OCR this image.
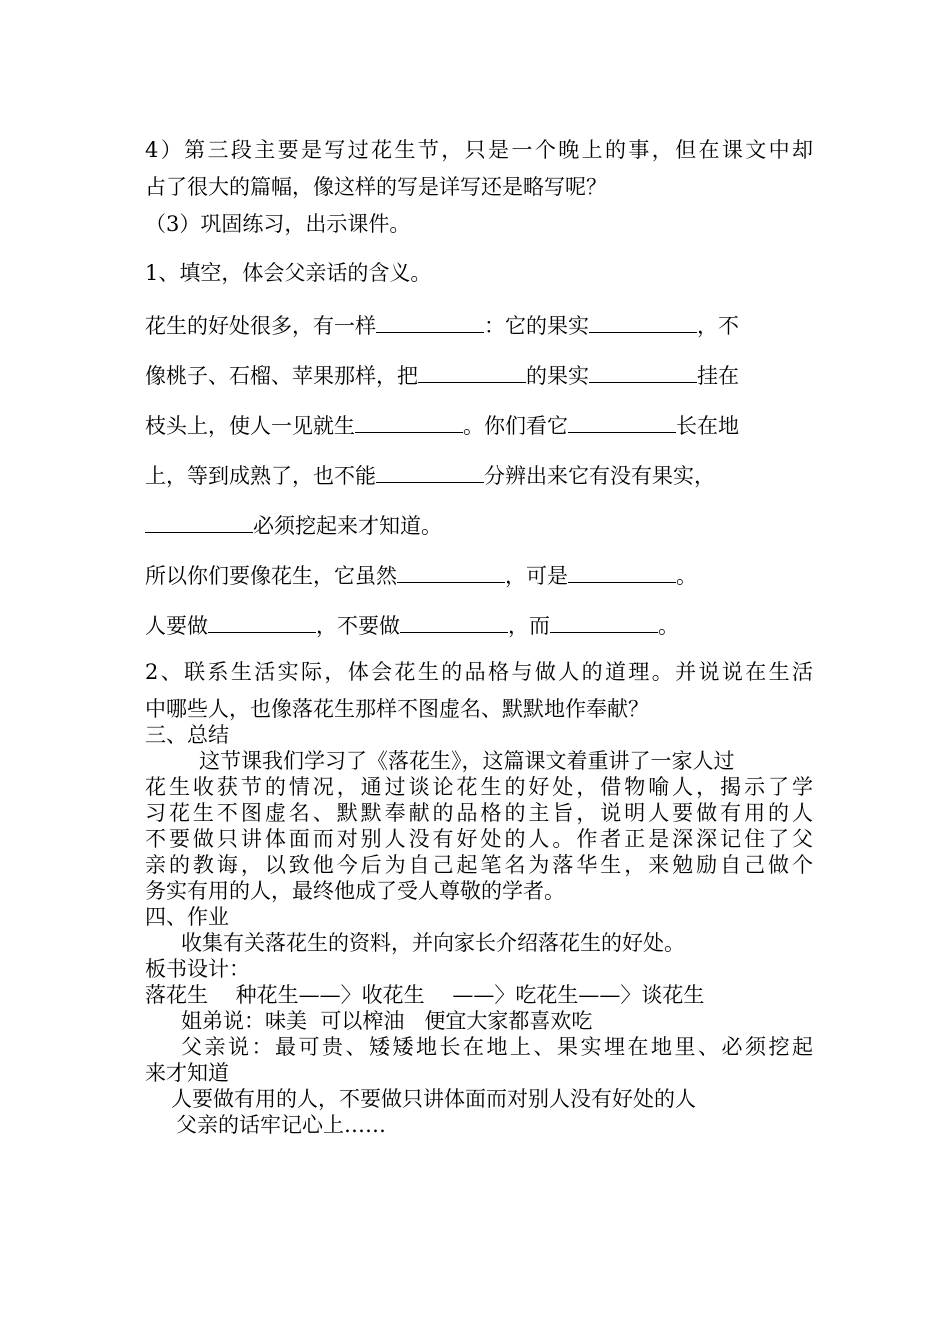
4）第三段主要是写过花生节，只是一个晚上的事，但在课文中却
占了很大的篇幅，像这样的写是详写还是略写呢？
（3）巩固练习，出示课件。
1、填空，体会父亲话的含义。
花生的好处很多，有一样	：它的果实	，不
像桃子、石榴、苹果那样，把	的果实	挂在
枝头上，使人一见就生	。你们看它	长在地
上，等到成熟了，也不能	分辨出来它有没有果实，
必须挖起来才知道。
所以你们要像花生，它虽然	，可是	。
人要做	，不要做	，而	。
2、联系生活实际，体会花生的品格与做人的道理。并说说在生活
中哪些人，也像落花生那样不图虚名、默默地作奉献？
三、总结
这节课我们学习了《落花生》，这篇课文着重讲了一家人过
花生收获节的情况，通过谈论花生的好处，借物喻人，揭示了学
习花生不图虚名、默默奉献的品格的主旨，说明人要做有用的人
不要做只讲体面而对别人没有好处的人。作者正是深深记住了父
亲的教诲，以致他今后为自己起笔名为落华生，来勉励自己做个
务实有用的人，最终他成了受人尊敬的学者。
四、作业
收集有关落花生的资料，并向家长介绍落花生的好处。
板书设计：
落花生　 种花生——〉收花生　 ——〉吃花生——〉谈花生
姐弟说：味美  可以榨油   便宜大家都喜欢吃
父亲说：最可贵、矮矮地长在地上、果实埋在地里、必须挖起
来才知道
人要做有用的人，不要做只讲体面而对别人没有好处的人
父亲的话牢记心上……
